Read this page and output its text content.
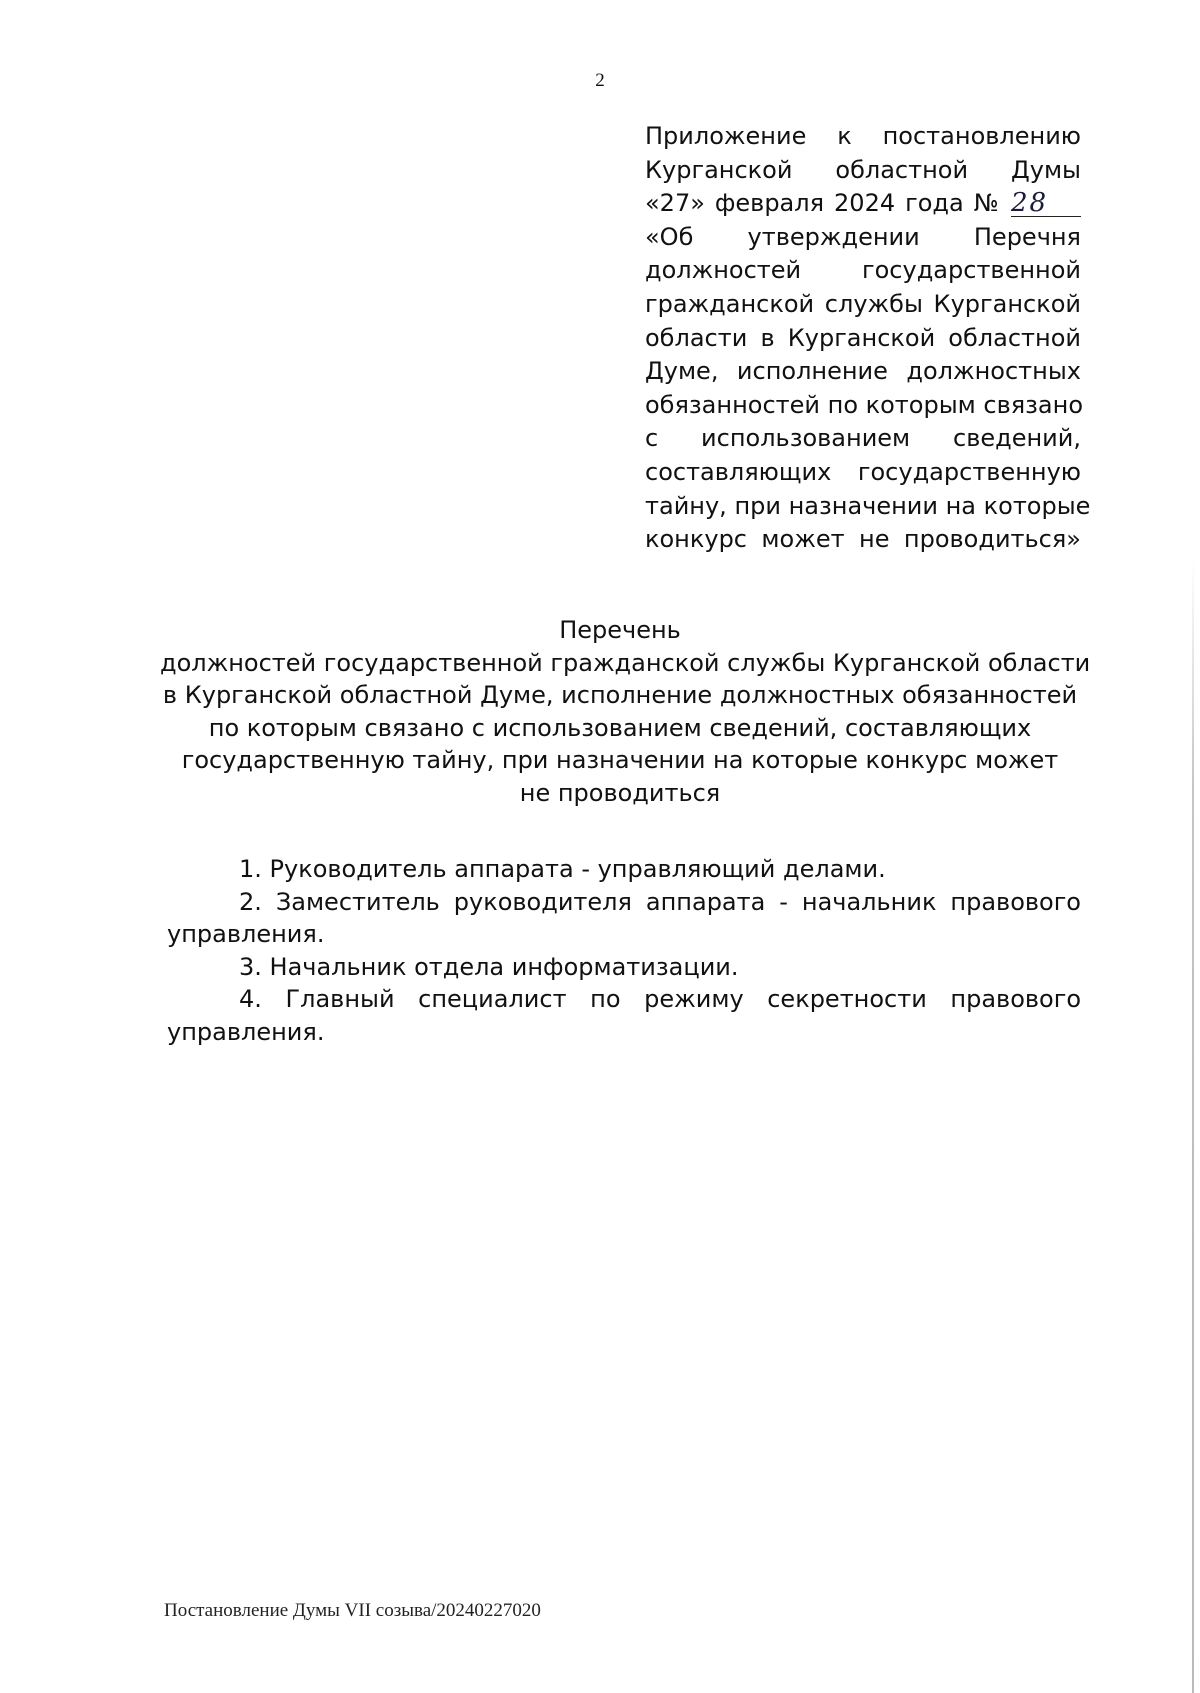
2
Приложение к постановлению
Курганской областной Думы
«27» февраля 2024 года № 28
«Об утверждении Перечня
должностей государственной
гражданской службы Курганской
области в Курганской областной
Думе, исполнение должностных
обязанностей по которым связано
с использованием сведений,
составляющих государственную
тайну, при назначении на которые
конкурс может не проводиться»
Перечень
должностей государственной гражданской службы Курганской области
в Курганской областной Думе, исполнение должностных обязанностей
по которым связано с использованием сведений, составляющих
государственную тайну, при назначении на которые конкурс может
не проводиться
1. Руководитель аппарата - управляющий делами.
2. Заместитель руководителя аппарата - начальник правового управления.
3. Начальник отдела информатизации.
4. Главный специалист по режиму секретности правового управления.
Постановление Думы VII созыва/20240227020
